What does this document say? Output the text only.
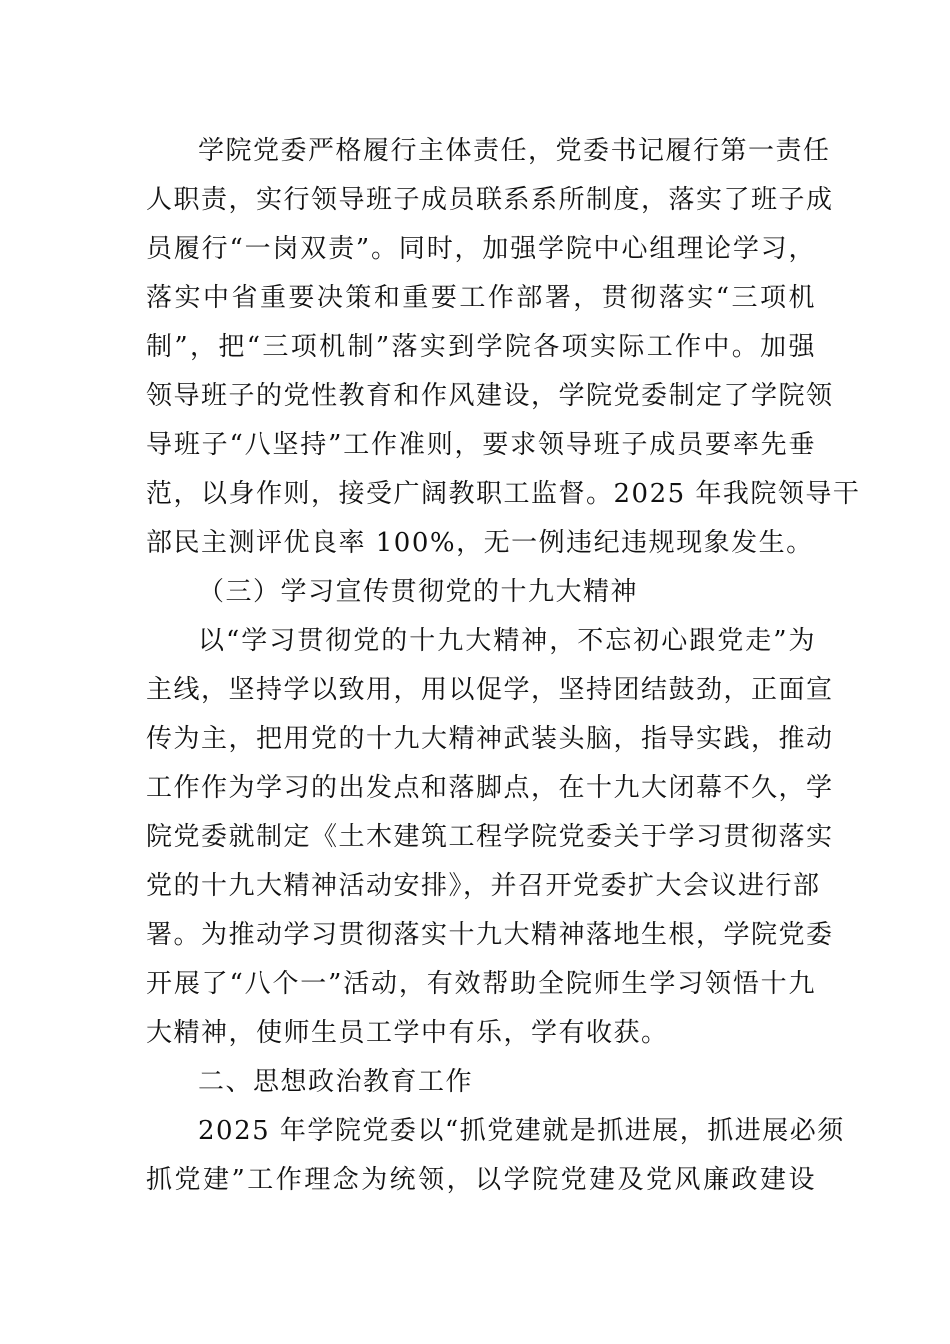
学院党委严格履行主体责任，党委书记履行第一责任
人职责，实行领导班子成员联系系所制度，落实了班子成
员履行“一岗双责”。同时，加强学院中心组理论学习，
落实中省重要决策和重要工作部署，贯彻落实“三项机
制”，把“三项机制”落实到学院各项实际工作中。加强
领导班子的党性教育和作风建设，学院党委制定了学院领
导班子“八坚持”工作准则，要求领导班子成员要率先垂
范，以身作则，接受广阔教职工监督。2025 年我院领导干
部民主测评优良率 100%，无一例违纪违规现象发生。
（三）学习宣传贯彻党的十九大精神
以“学习贯彻党的十九大精神，不忘初心跟党走”为
主线，坚持学以致用，用以促学，坚持团结鼓劲，正面宣
传为主，把用党的十九大精神武装头脑，指导实践，推动
工作作为学习的出发点和落脚点，在十九大闭幕不久，学
院党委就制定《土木建筑工程学院党委关于学习贯彻落实
党的十九大精神活动安排》，并召开党委扩大会议进行部
署。为推动学习贯彻落实十九大精神落地生根，学院党委
开展了“八个一”活动，有效帮助全院师生学习领悟十九
大精神，使师生员工学中有乐，学有收获。
二、思想政治教育工作
2025 年学院党委以“抓党建就是抓进展，抓进展必须
抓党建”工作理念为统领，以学院党建及党风廉政建设
